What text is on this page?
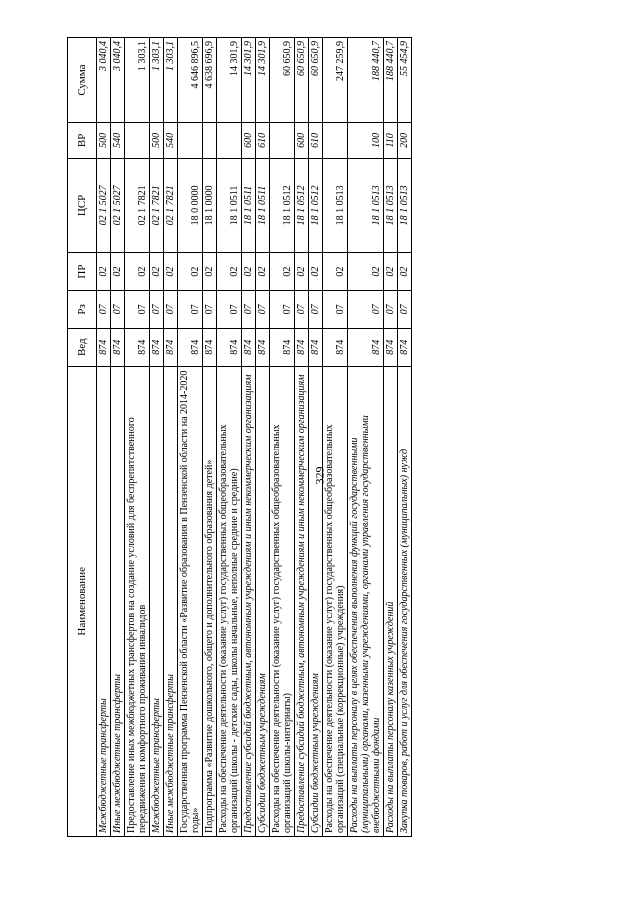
329
Наименование	Вед	Рз	ПР	ЦСР	ВР	Сумма
Межбюджетные трансферты	874	07	02	02 1 5027	500	3 040,4
Иные межбюджетные трансферты	874	07	02	02 1 5027	540	3 040,4
Предоставление иных межбюджетных трансфертов на создание условий для беспрепятственного передвижения и комфортного проживания инвалидов	874	07	02	02 1 7821		1 303,1
Межбюджетные трансферты	874	07	02	02 1 7821	500	1 303,1
Иные межбюджетные трансферты	874	07	02	02 1 7821	540	1 303,1
Государственная программа Пензенской области «Развитие образования в Пензенской области на 2014-2020 годы»	874	07	02	18 0 0000		4 646 896,5
Подпрограмма «Развитие дошкольного, общего и дополнительного образования детей»	874	07	02	18 1 0000		4 638 696,9
Расходы на обеспечение деятельности (оказание услуг) государственных общеобразовательных организаций (школы - детские сады, школы начальные, неполные средние и средние)	874	07	02	18 1 0511		14 301,9
Предоставление субсидий бюджетным, автономным учреждениям и иным некоммерческим организациям	874	07	02	18 1 0511	600	14 301,9
Субсидии бюджетным учреждениям	874	07	02	18 1 0511	610	14 301,9
Расходы на обеспечение деятельности (оказание услуг) государственных общеобразовательных организаций (школы-интернаты)	874	07	02	18 1 0512		60 650,9
Предоставление субсидий бюджетным, автономным учреждениям и иным некоммерческим организациям	874	07	02	18 1 0512	600	60 650,9
Субсидии бюджетным учреждениям	874	07	02	18 1 0512	610	60 650,9
Расходы на обеспечение деятельности (оказание услуг) государственных общеобразовательных организаций (специальные (коррекционные) учреждения)	874	07	02	18 1 0513		247 259,9
Расходы на выплаты персоналу в целях обеспечения выполнения функций государственными (муниципальными) органами, казенными учреждениями, органами управления государственными внебюджетными фондами	874	07	02	18 1 0513	100	188 440,7
Расходы на выплаты персоналу казенных учреждений	874	07	02	18 1 0513	110	188 440,7
Закупка товаров, работ и услуг для обеспечения государственных (муниципальных) нужд	874	07	02	18 1 0513	200	55 454,9
